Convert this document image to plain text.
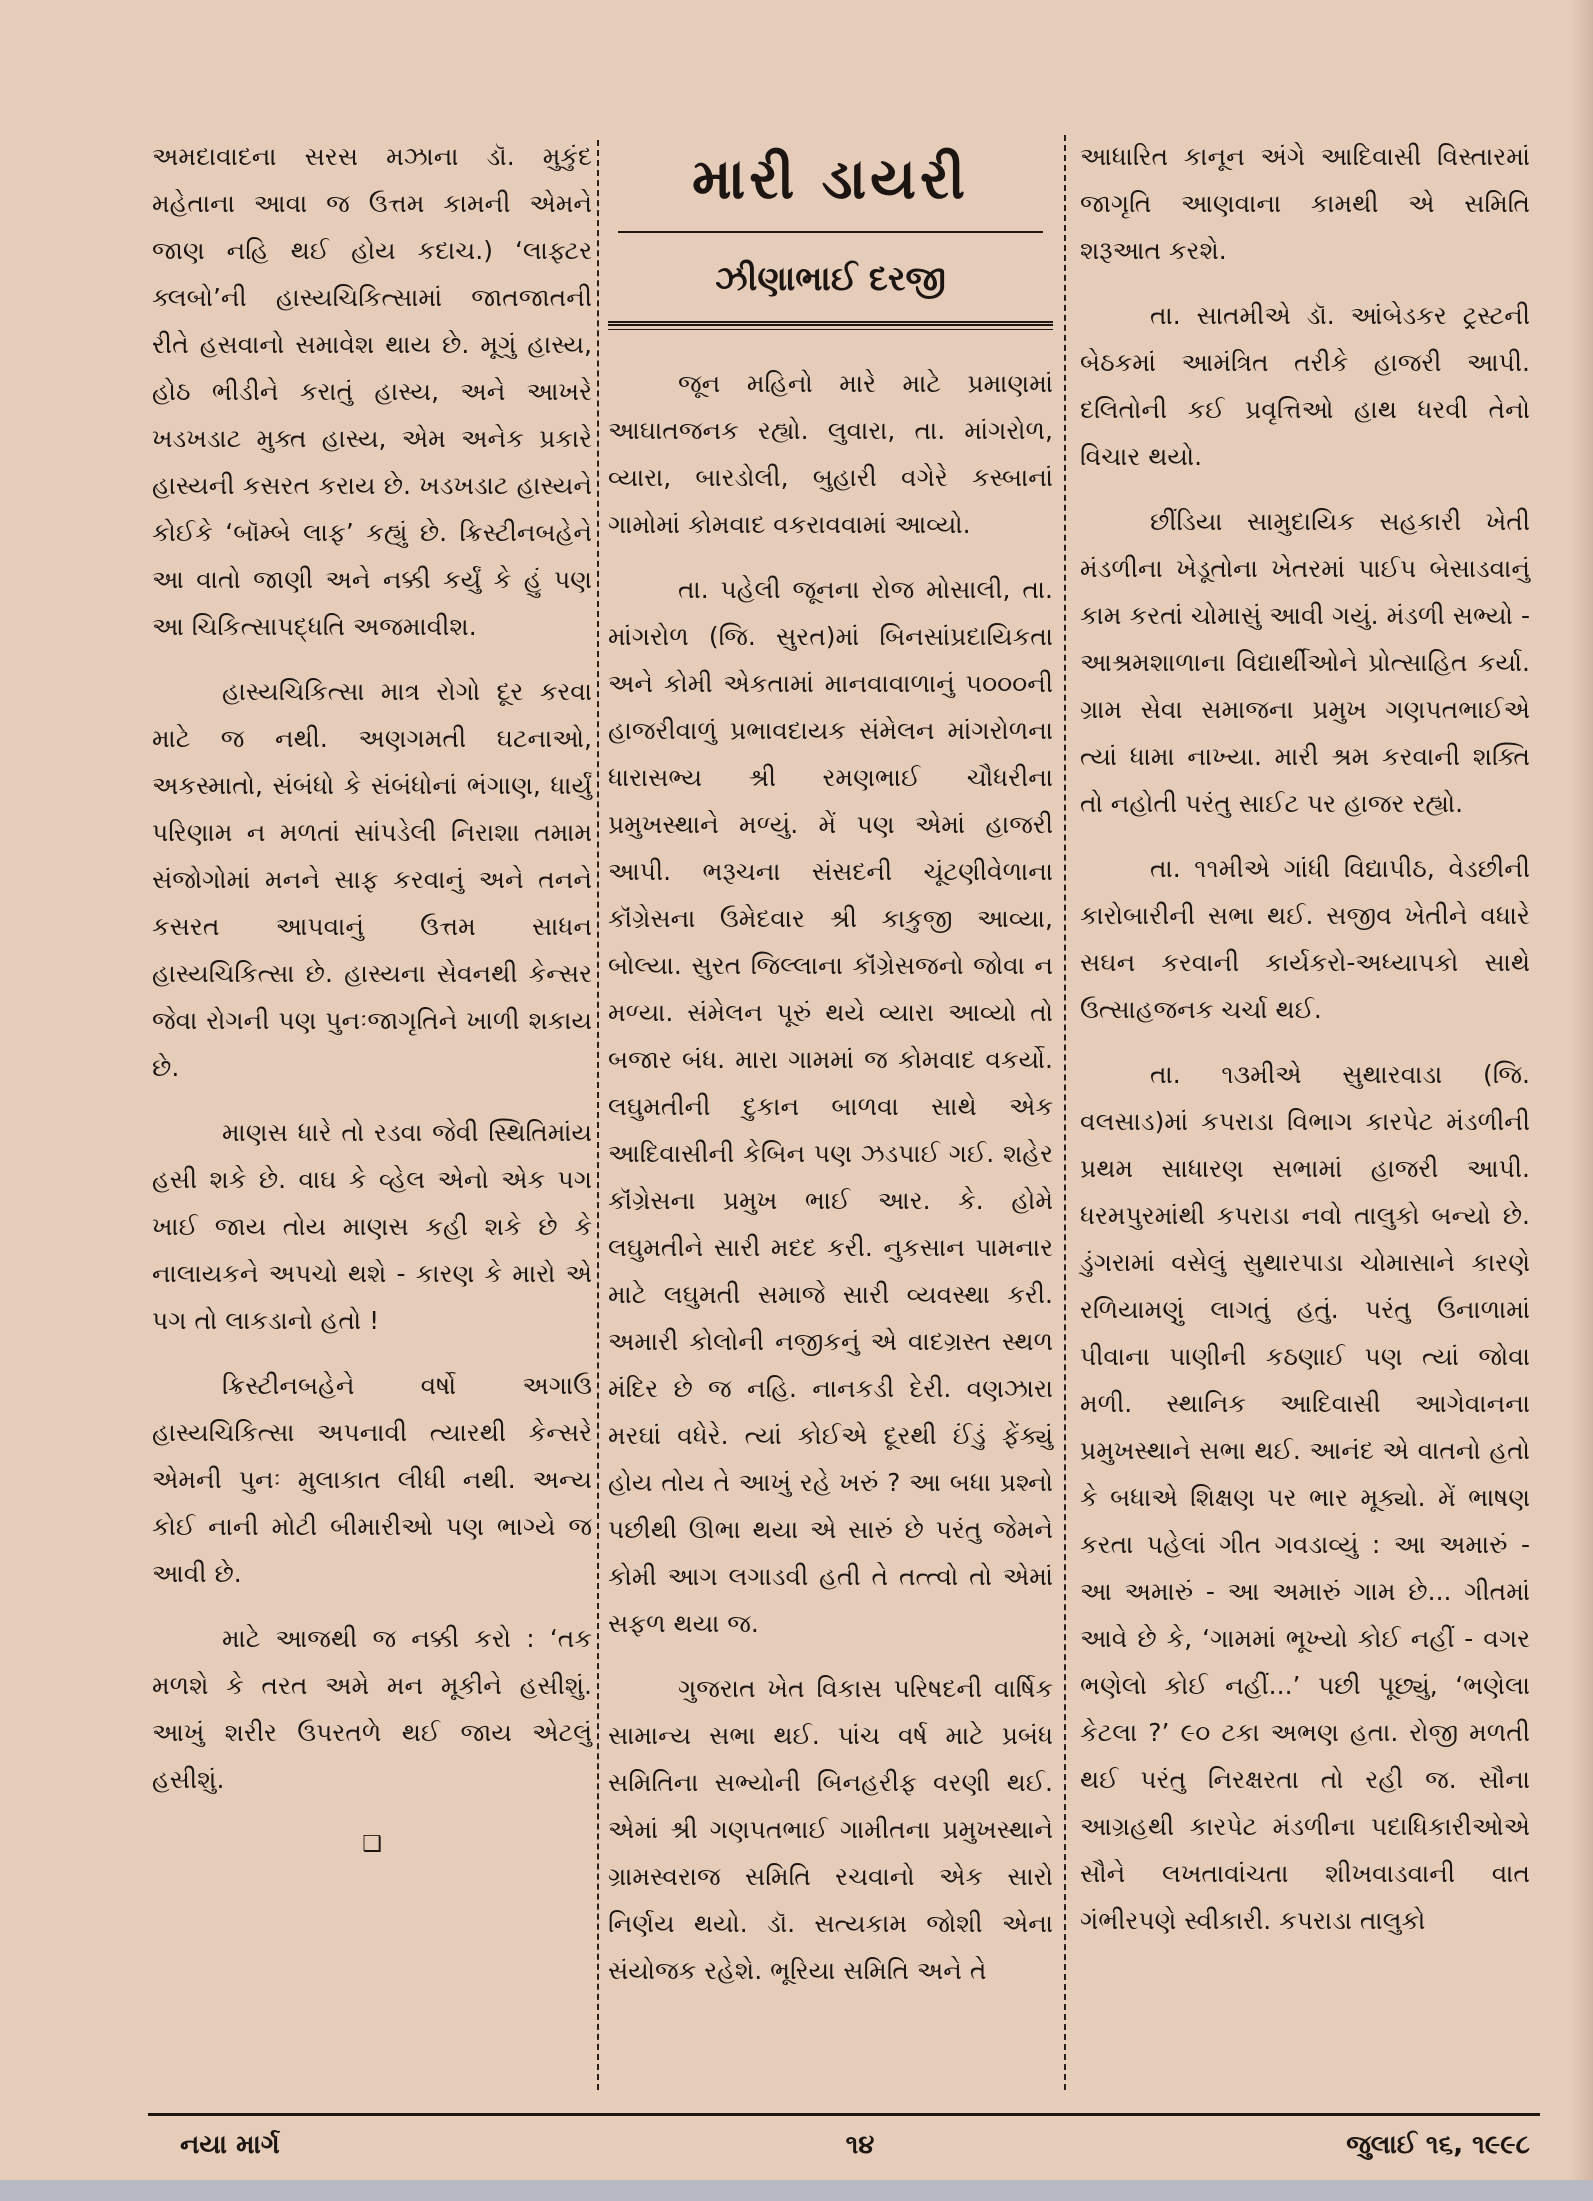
અમદાવાદના સરસ મઝાના ડૉ. મુકુંદ મહેતાના આવા જ ઉત્તમ કામની એમને જાણ નહિ થઈ હોય કદાચ.) ‘લાફ્ટર ક્લબો’ની હાસ્યચિકિત્સામાં જાતજાતની રીતે હસવાનો સમાવેશ થાય છે. મૂગું હાસ્ય, હોઠ ભીડીને કરાતું હાસ્ય, અને આખરે ખડખડાટ મુક્ત હાસ્ય, એમ અનેક પ્રકારે હાસ્યની કસરત કરાય છે. ખડખડાટ હાસ્યને કોઈકે ‘બૉમ્બે લાફ’ કહ્યું છે. ક્રિસ્ટીનબહેને આ વાતો જાણી અને નક્કી કર્યું કે હું પણ આ ચિકિત્સાપદ્ધતિ અજમાવીશ.

હાસ્યચિકિત્સા માત્ર રોગો દૂર કરવા માટે જ નથી. અણગમતી ઘટનાઓ, અકસ્માતો, સંબંધો કે સંબંધોનાં ભંગાણ, ધાર્યું પરિણામ ન મળતાં સાંપડેલી નિરાશા તમામ સંજોગોમાં મનને સાફ કરવાનું અને તનને કસરત આપવાનું ઉત્તમ સાધન હાસ્યચિકિત્સા છે. હાસ્યના સેવનથી કેન્સર જેવા રોગની પણ પુનઃજાગૃતિને ખાળી શકાય છે.

માણસ ધારે તો રડવા જેવી સ્થિતિમાંય હસી શકે છે. વાઘ કે વ્હેલ એનો એક પગ ખાઈ જાય તોય માણસ કહી શકે છે કે નાલાયકને અપચો થશે - કારણ કે મારો એ પગ તો લાકડાનો હતો !

ક્રિસ્ટીનબહેને વર્ષો અગાઉ હાસ્યચિકિત્સા અપનાવી ત્યારથી કેન્સરે એમની પુનઃ મુલાકાત લીધી નથી. અન્ય કોઈ નાની મોટી બીમારીઓ પણ ભાગ્યે જ આવી છે.

માટે આજથી જ નક્કી કરો : ‘તક મળશે કે તરત અમે મન મૂકીને હસીશું. આખું શરીર ઉપરતળે થઈ જાય એટલું હસીશું.

❑
મારી ડાયરી
ઝીણાભાઈ દરજી

જૂન મહિનો મારે માટે પ્રમાણમાં આઘાતજનક રહ્યો. લુવારા, તા. માંગરોળ, વ્યારા, બારડોલી, બુહારી વગેરે કસ્બાનાં ગામોમાં કોમવાદ વકરાવવામાં આવ્યો.

તા. પહેલી જૂનના રોજ મોસાલી, તા. માંગરોળ (જિ. સુરત)માં બિનસાંપ્રદાયિકતા અને કોમી એકતામાં માનવાવાળાનું ૫૦૦૦ની હાજરીવાળું પ્રભાવદાયક સંમેલન માંગરોળના ધારાસભ્ય શ્રી રમણભાઈ ચૌધરીના પ્રમુખસ્થાને મળ્યું. મેં પણ એમાં હાજરી આપી. ભરૂચના સંસદની ચૂંટણીવેળાના કૉંગ્રેસના ઉમેદવાર શ્રી કાકુજી આવ્યા, બોલ્યા. સુરત જિલ્લાના કૉંગ્રેસજનો જોવા ન મળ્યા. સંમેલન પૂરું થયે વ્યારા આવ્યો તો બજાર બંધ. મારા ગામમાં જ કોમવાદ વકર્યો. લઘુમતીની દુકાન બાળવા સાથે એક આદિવાસીની કેબિન પણ ઝડપાઈ ગઈ. શહેર કૉંગ્રેસના પ્રમુખ ભાઈ આર. કે. હોમે લઘુમતીને સારી મદદ કરી. નુકસાન પામનાર માટે લઘુમતી સમાજે સારી વ્યવસ્થા કરી. અમારી કોલોની નજીકનું એ વાદગ્રસ્ત સ્થળ મંદિર છે જ નહિ. નાનકડી દેરી. વણઝારા મરઘાં વધેરે. ત્યાં કોઈએ દૂરથી ઈંડું ફેંક્યું હોય તોય તે આખું રહે ખરું ? આ બધા પ્રશ્નો પછીથી ઊભા થયા એ સારું છે પરંતુ જેમને કોમી આગ લગાડવી હતી તે તત્ત્વો તો એમાં સફળ થયા જ.

ગુજરાત ખેત વિકાસ પરિષદની વાર્ષિક સામાન્ય સભા થઈ. પાંચ વર્ષ માટે પ્રબંધ સમિતિના સભ્યોની બિનહરીફ વરણી થઈ. એમાં શ્રી ગણપતભાઈ ગામીતના પ્રમુખસ્થાને ગ્રામસ્વરાજ સમિતિ રચવાનો એક સારો નિર્ણય થયો. ડૉ. સત્યકામ જોશી એના સંયોજક રહેશે. ભૂરિયા સમિતિ અને તે

આધારિત કાનૂન અંગે આદિવાસી વિસ્તારમાં જાગૃતિ આણવાના કામથી એ સમિતિ શરૂઆત કરશે.

તા. સાતમીએ ડૉ. આંબેડકર ટ્રસ્ટની બેઠકમાં આમંત્રિત તરીકે હાજરી આપી. દલિતોની કઈ પ્રવૃત્તિઓ હાથ ધરવી તેનો વિચાર થયો.

છીંડિયા સામુદાયિક સહકારી ખેતી મંડળીના ખેડૂતોના ખેતરમાં પાઈપ બેસાડવાનું કામ કરતાં ચોમાસું આવી ગયું. મંડળી સભ્યો - આશ્રમશાળાના વિદ્યાર્થીઓને પ્રોત્સાહિત કર્યા. ગ્રામ સેવા સમાજના પ્રમુખ ગણપતભાઈએ ત્યાં ધામા નાખ્યા. મારી શ્રમ કરવાની શક્તિ તો નહોતી પરંતુ સાઈટ પર હાજર રહ્યો.

તા. ૧૧મીએ ગાંધી વિદ્યાપીઠ, વેડછીની કારોબારીની સભા થઈ. સજીવ ખેતીને વધારે સઘન કરવાની કાર્યકરો-અધ્યાપકો સાથે ઉત્સાહજનક ચર્ચા થઈ.

તા. ૧૩મીએ સુથારવાડા (જિ. વલસાડ)માં કપરાડા વિભાગ કારપેટ મંડળીની પ્રથમ સાધારણ સભામાં હાજરી આપી. ધરમપુરમાંથી કપરાડા નવો તાલુકો બન્યો છે. ડુંગરામાં વસેલું સુથારપાડા ચોમાસાને કારણે રળિયામણું લાગતું હતું. પરંતુ ઉનાળામાં પીવાના પાણીની કઠણાઈ પણ ત્યાં જોવા મળી. સ્થાનિક આદિવાસી આગેવાનના પ્રમુખસ્થાને સભા થઈ. આનંદ એ વાતનો હતો કે બધાએ શિક્ષણ પર ભાર મૂક્યો. મેં ભાષણ કરતા પહેલાં ગીત ગવડાવ્યું : આ અમારું - આ અમારું - આ અમારું ગામ છે... ગીતમાં આવે છે કે, ‘ગામમાં ભૂખ્યો કોઈ નહીં - વગર ભણેલો કોઈ નહીં...’ પછી પૂછ્યું, ‘ભણેલા કેટલા ?’ ૯૦ ટકા અભણ હતા. રોજી મળતી થઈ પરંતુ નિરક્ષરતા તો રહી જ. સૌના આગ્રહથી કારપેટ મંડળીના પદાધિકારીઓએ સૌને લખતાવાંચતા શીખવાડવાની વાત ગંભીરપણે સ્વીકારી. કપરાડા તાલુકો

નયા માર્ગ	૧૪	જુલાઈ ૧૬, ૧૯૯૮
